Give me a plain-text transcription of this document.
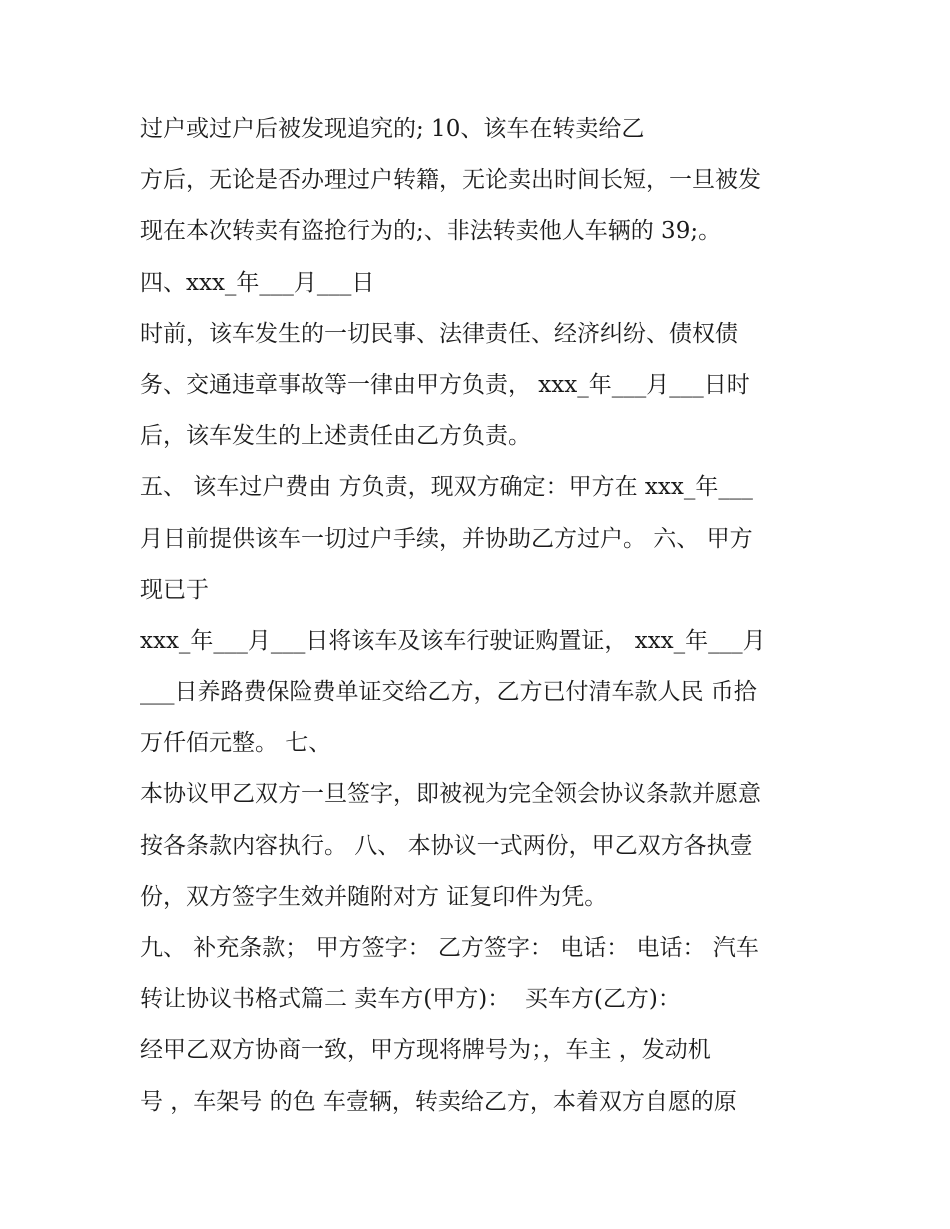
过户或过户后被发现追究的; 10、该车在转卖给乙

方后，无论是否办理过户转籍，无论卖出时间长短，一旦被发

现在本次转卖有盗抢行为的;、非法转卖他人车辆的 39;。

四、xxx_年___月___日

时前，该车发生的一切民事、法律责任、经济纠纷、债权债

务、交通违章事故等一律由甲方负责， xxx_年___月___日时

后，该车发生的上述责任由乙方负责。

五、 该车过户费由 方负责，现双方确定：甲方在 xxx_年___

月日前提供该车一切过户手续，并协助乙方过户。 六、 甲方

现已于

xxx_年___月___日将该车及该车行驶证购置证， xxx_年___月

___日养路费保险费单证交给乙方，乙方已付清车款人民 币拾

万仟佰元整。 七、

本协议甲乙双方一旦签字，即被视为完全领会协议条款并愿意

按各条款内容执行。 八、 本协议一式两份，甲乙双方各执壹

份，双方签字生效并随附对方 证复印件为凭。

九、 补充条款； 甲方签字： 乙方签字： 电话： 电话： 汽车

转让协议书格式篇二 卖车方(甲方)：  买车方(乙方)：

经甲乙双方协商一致，甲方现将牌号为；，车主 ，发动机

号 ，车架号 的色 车壹辆，转卖给乙方，本着双方自愿的原
